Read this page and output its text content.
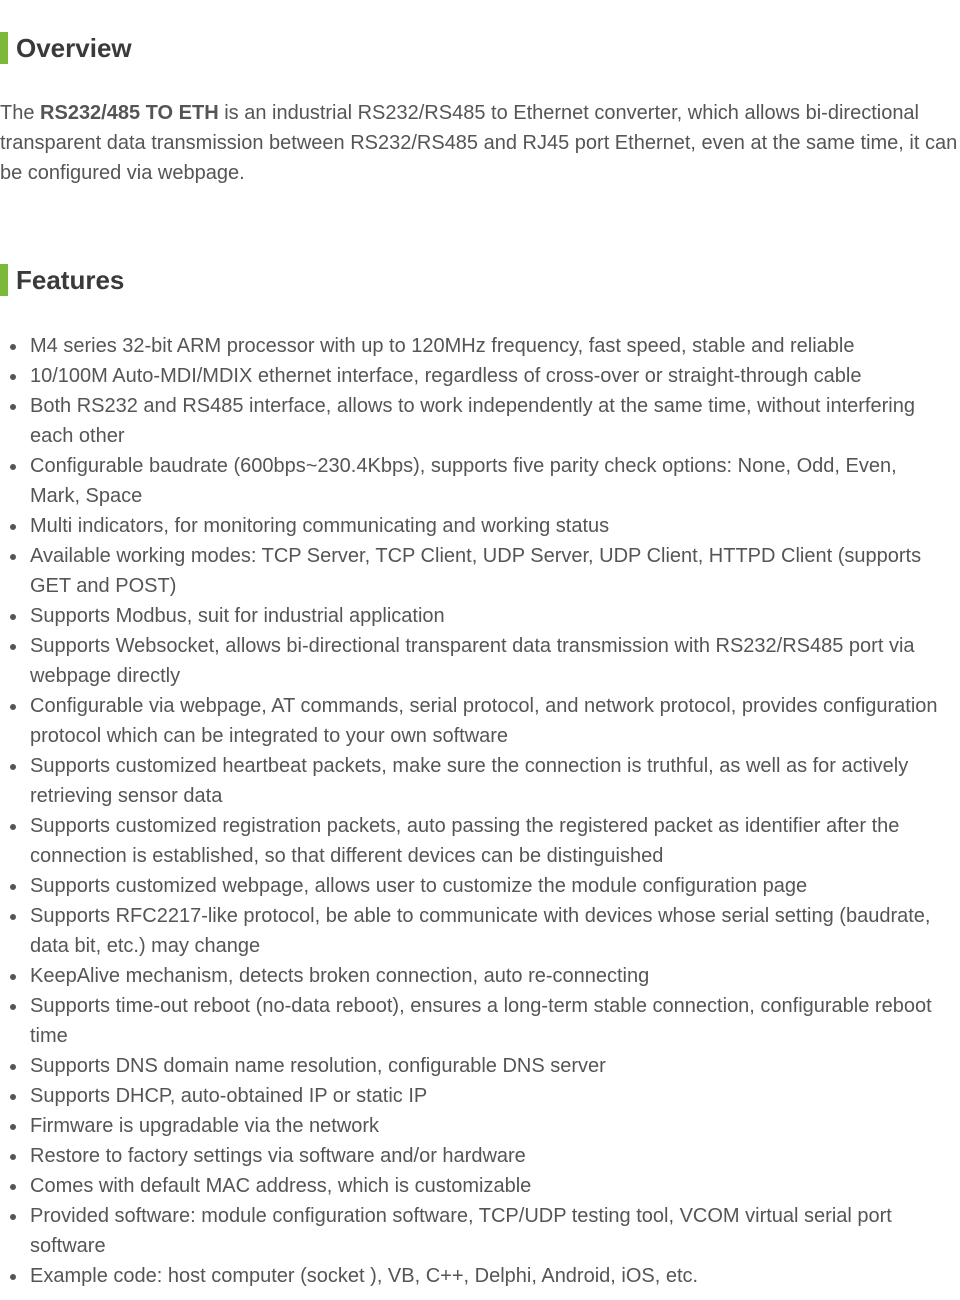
Overview

The RS232/485 TO ETH is an industrial RS232/RS485 to Ethernet converter, which allows bi-directional transparent data transmission between RS232/RS485 and RJ45 port Ethernet, even at the same time, it can be configured via webpage.

Features
M4 series 32-bit ARM processor with up to 120MHz frequency, fast speed, stable and reliable
10/100M Auto-MDI/MDIX ethernet interface, regardless of cross-over or straight-through cable
Both RS232 and RS485 interface, allows to work independently at the same time, without interfering each other
Configurable baudrate (600bps~230.4Kbps), supports five parity check options: None, Odd, Even, Mark, Space
Multi indicators, for monitoring communicating and working status
Available working modes: TCP Server, TCP Client, UDP Server, UDP Client, HTTPD Client (supports GET and POST)
Supports Modbus, suit for industrial application
Supports Websocket, allows bi-directional transparent data transmission with RS232/RS485 port via webpage directly
Configurable via webpage, AT commands, serial protocol, and network protocol, provides configuration protocol which can be integrated to your own software
Supports customized heartbeat packets, make sure the connection is truthful, as well as for actively retrieving sensor data
Supports customized registration packets, auto passing the registered packet as identifier after the connection is established, so that different devices can be distinguished
Supports customized webpage, allows user to customize the module configuration page
Supports RFC2217-like protocol, be able to communicate with devices whose serial setting (baudrate, data bit, etc.) may change
KeepAlive mechanism, detects broken connection, auto re-connecting
Supports time-out reboot (no-data reboot), ensures a long-term stable connection, configurable reboot time
Supports DNS domain name resolution, configurable DNS server
Supports DHCP, auto-obtained IP or static IP
Firmware is upgradable via the network
Restore to factory settings via software and/or hardware
Comes with default MAC address, which is customizable
Provided software: module configuration software, TCP/UDP testing tool, VCOM virtual serial port software
Example code: host computer (socket ), VB, C++, Delphi, Android, iOS, etc.
